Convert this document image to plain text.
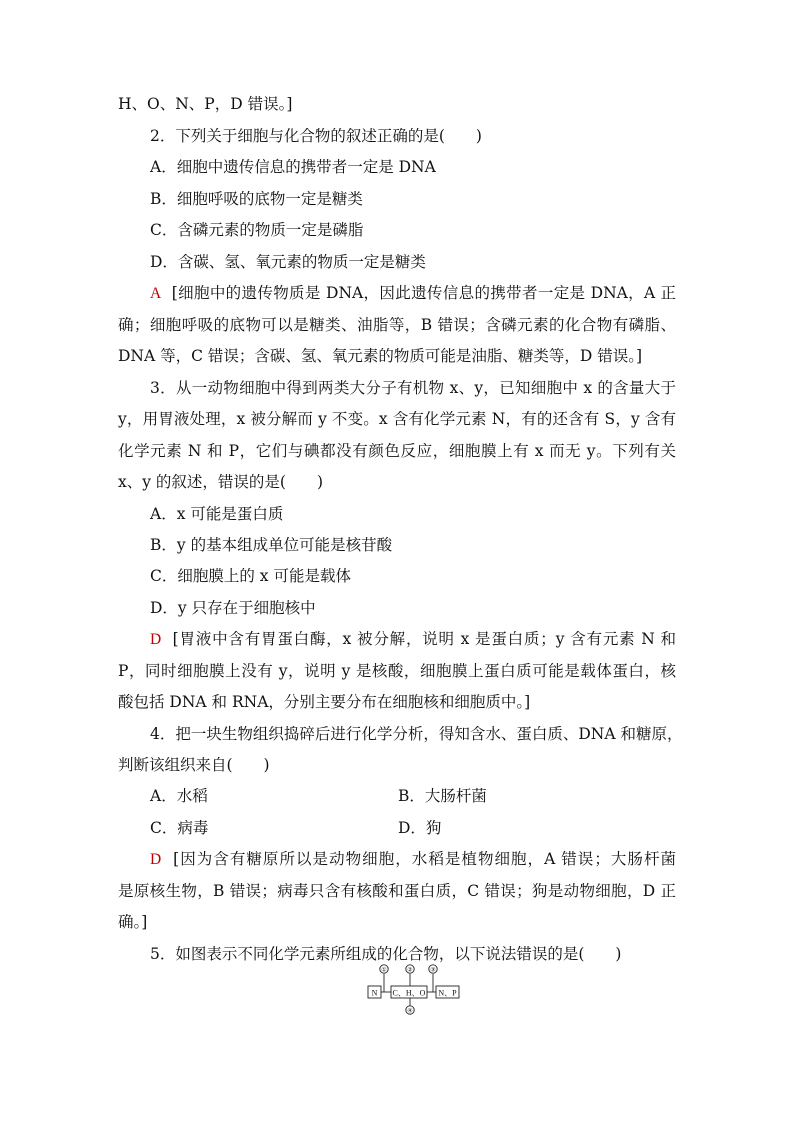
H、O、N、P，D 错误。]
2．下列关于细胞与化合物的叙述正确的是(　　)
A．细胞中遗传信息的携带者一定是 DNA
B．细胞呼吸的底物一定是糖类
C．含磷元素的物质一定是磷脂
D．含碳、氢、氧元素的物质一定是糖类
A [细胞中的遗传物质是 DNA，因此遗传信息的携带者一定是 DNA，A 正
确；细胞呼吸的底物可以是糖类、油脂等，B 错误；含磷元素的化合物有磷脂、
DNA 等，C 错误；含碳、氢、氧元素的物质可能是油脂、糖类等，D 错误。]
3．从一动物细胞中得到两类大分子有机物 x、y，已知细胞中 x 的含量大于
y，用胃液处理，x 被分解而 y 不变。x 含有化学元素 N，有的还含有 S，y 含有
化学元素 N 和 P，它们与碘都没有颜色反应，细胞膜上有 x 而无 y。下列有关
x、y 的叙述，错误的是(　　)
A．x 可能是蛋白质
B．y 的基本组成单位可能是核苷酸
C．细胞膜上的 x 可能是载体
D．y 只存在于细胞核中
D [胃液中含有胃蛋白酶，x 被分解，说明 x 是蛋白质；y 含有元素 N 和
P，同时细胞膜上没有 y，说明 y 是核酸，细胞膜上蛋白质可能是载体蛋白，核
酸包括 DNA 和 RNA，分别主要分布在细胞核和细胞质中。]
4．把一块生物组织捣碎后进行化学分析，得知含水、蛋白质、DNA 和糖原，
判断该组织来自(　　)
A．水稻	B．大肠杆菌
C．病毒	D．狗
D [因为含有糖原所以是动物细胞，水稻是植物细胞，A 错误；大肠杆菌
是原核生物，B 错误；病毒只含有核酸和蛋白质，C 错误；狗是动物细胞，D 正
确。]
5．如图表示不同化学元素所组成的化合物，以下说法错误的是(　　)
N C、H、O N、P
①	②	③
④
